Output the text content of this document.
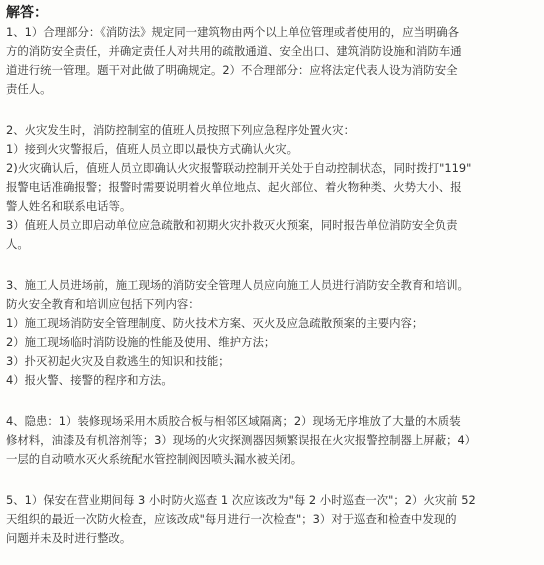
解答：
1、1）合理部分：《消防法》规定同一建筑物由两个以上单位管理或者使用的，应当明确各
方的消防安全责任，并确定责任人对共用的疏散通道、安全出口、建筑消防设施和消防车通
道进行统一管理。题干对此做了明确规定。2）不合理部分：应将法定代表人设为消防安全
责任人。
2、火灾发生时，消防控制室的值班人员按照下列应急程序处置火灾：
1）接到火灾警报后，值班人员立即以最快方式确认火灾。
2)火灾确认后，值班人员立即确认火灾报警联动控制开关处于自动控制状态，同时拨打"119"
报警电话准确报警；报警时需要说明着火单位地点、起火部位、着火物种类、火势大小、报
警人姓名和联系电话等。
3）值班人员立即启动单位应急疏散和初期火灾扑救灭火预案，同时报告单位消防安全负责
人。
3、施工人员进场前，施工现场的消防安全管理人员应向施工人员进行消防安全教育和培训。
防火安全教育和培训应包括下列内容：
1）施工现场消防安全管理制度、防火技术方案、灭火及应急疏散预案的主要内容；
2）施工现场临时消防设施的性能及使用、维护方法；
3）扑灭初起火灾及自救逃生的知识和技能；
4）报火警、接警的程序和方法。
4、隐患：1）装修现场采用木质胶合板与相邻区域隔离；2）现场无序堆放了大量的木质装
修材料，油漆及有机溶剂等；3）现场的火灾探测器因频繁误报在火灾报警控制器上屏蔽；4）
一层的自动喷水灭火系统配水管控制阀因喷头漏水被关闭。
5、1）保安在营业期间每 3 小时防火巡查 1 次应该改为"每 2 小时巡查一次"；2）火灾前 52
天组织的最近一次防火检查，应该改成"每月进行一次检查"；3）对于巡查和检查中发现的
问题并未及时进行整改。
